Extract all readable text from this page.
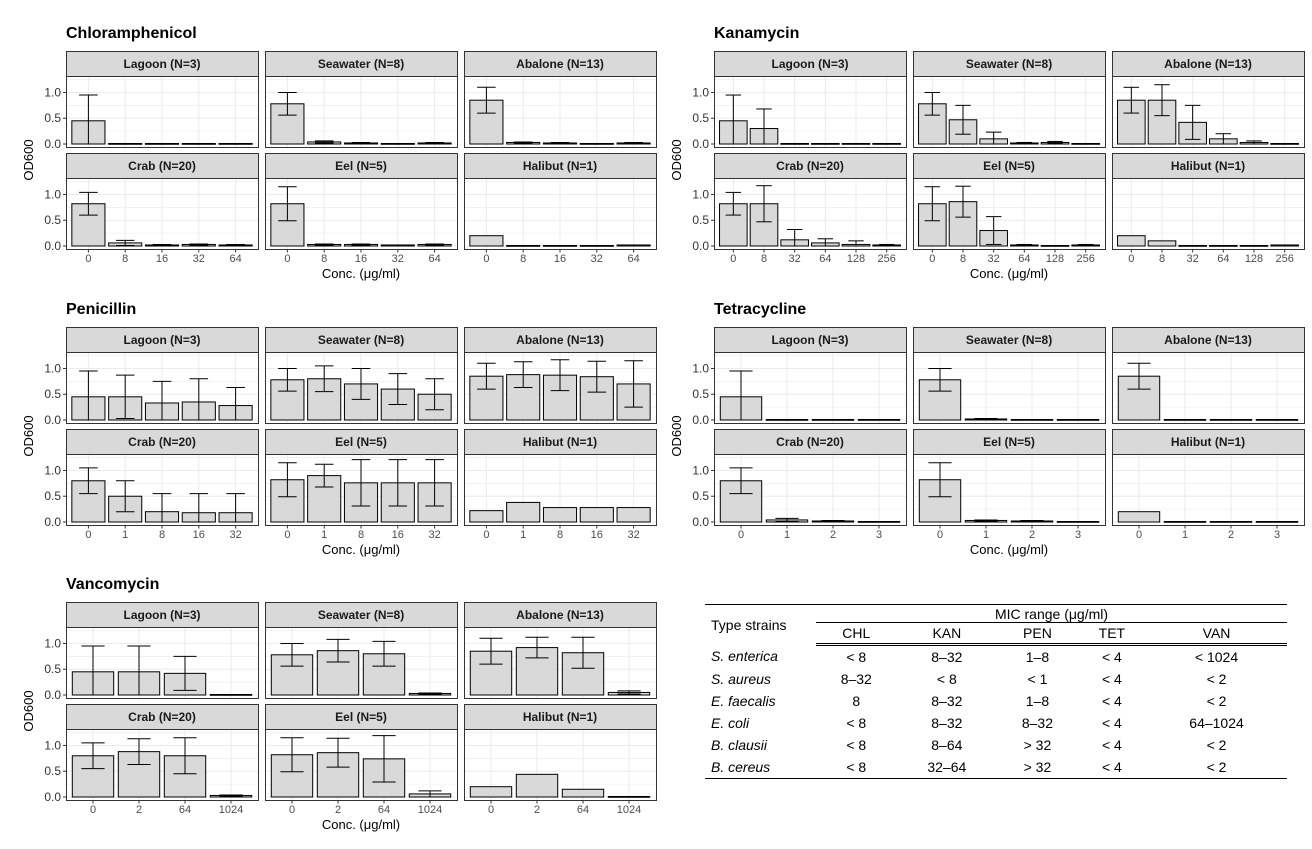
Chloramphenicol
Lagoon (N=3)
0.0
0.5
1.0
Seawater (N=8)	Abalone (N=13)
Crab (N=20)
0.0
0.5
1.0
0	8	16 32 64
Eel (N=5)
0	8	16 32 64
Halibut (N=1)
0	8	16 32 64
Conc. (μg/ml)
OD600
Kanamycin
Lagoon (N=3)
0.0
0.5
1.0
Seawater (N=8)	Abalone (N=13)
Crab (N=20)
0.0
0.5
1.0
0 8 32 64 128 256
Eel (N=5)
0 8 32 64 128 256
Halibut (N=1)
0 8 32 64 128 256
Conc. (μg/ml)
OD600
Penicillin
Lagoon (N=3)
0.0
0.5
1.0
Seawater (N=8)	Abalone (N=13)
Crab (N=20)
0.0
0.5
1.0
0	1	8	16 32
Eel (N=5)
0	1	8	16 32
Halibut (N=1)
0	1	8	16 32
Conc. (μg/ml)
OD600
Tetracycline
Lagoon (N=3)
0.0
0.5
1.0
Seawater (N=8)	Abalone (N=13)
Crab (N=20)
0.0
0.5
1.0
0	1	2	3
Eel (N=5)
0	1	2	3
Halibut (N=1)
0	1	2	3
Conc. (μg/ml)
OD600
Vancomycin
Lagoon (N=3)
0.0
0.5
1.0
Seawater (N=8)	Abalone (N=13)
Crab (N=20)
0.0
0.5
1.0
0	2	64	1024
Eel (N=5)
0	2	64	1024
Halibut (N=1)
0	2	64	1024
Conc. (μg/ml)
OD600
Type strains	MIC range (μg/ml)				
	CHL	KAN	PEN	TET	VAN
S. enterica	< 8	8–32	1–8	< 4	< 1024
S. aureus	8–32	< 8	< 1	< 4	< 2
E. faecalis	8	8–32	1–8	< 4	< 2
E. coli	< 8	8–32	8–32	< 4	64–1024
B. clausii	< 8	8–64	> 32	< 4	< 2
B. cereus	< 8	32–64	> 32	< 4	< 2
